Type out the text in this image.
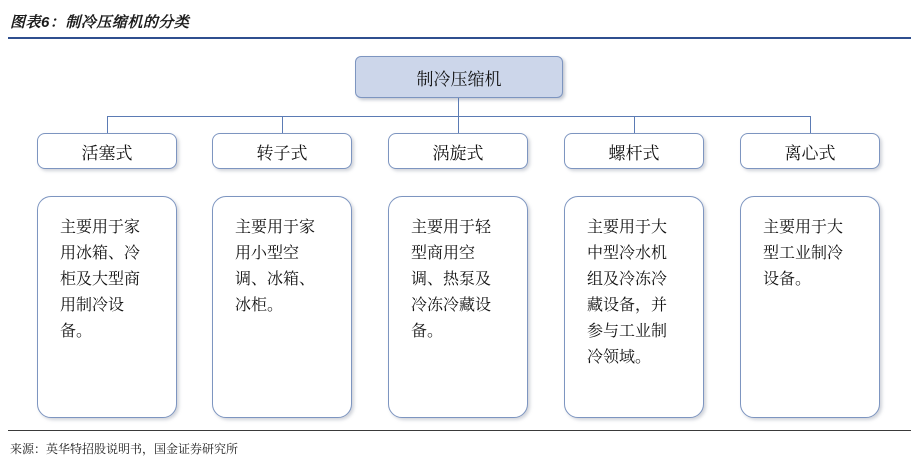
图表6：制冷压缩机的分类
制冷压缩机
活塞式	转子式	涡旋式	螺杆式	离心式
主要用于家用冰箱、冷柜及大型商用制冷设备。
主要用于家用小型空调、冰箱、冰柜。
主要用于轻型商用空调、热泵及冷冻冷藏设备。
主要用于大中型冷水机组及冷冻冷藏设备，并参与工业制冷领域。
主要用于大型工业制冷设备。
来源：英华特招股说明书，国金证券研究所
